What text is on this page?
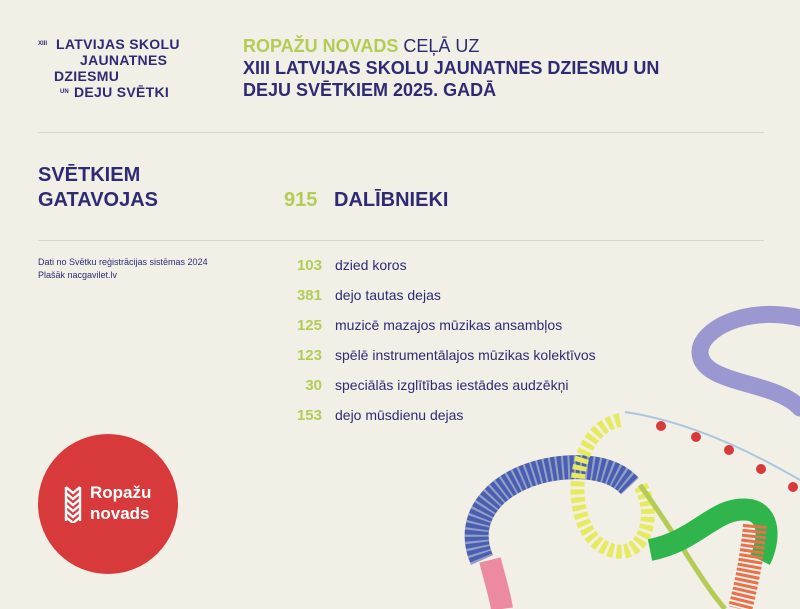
XIII LATVIJAS SKOLU
JAUNATNES
DZIESMU
UN DEJU SVĒTKI
ROPAŽU NOVADS CEĻĀ UZ
XIII LATVIJAS SKOLU JAUNATNES DZIESMU UN
DEJU SVĒTKIEM 2025. GADĀ
SVĒTKIEM
GATAVOJAS	915 DALĪBNIEKI
Dati no Svētku reģistrācijas sistēmas 2024
Plašāk nacgavilet.lv
103 dzied koros
381 dejo tautas dejas
125 muzicē mazajos mūzikas ansambļos
123 spēlē instrumentālajos mūzikas kolektīvos
30 speciālās izglītības iestādes audzēkņi
153 dejo mūsdienu dejas
Ropažu
novads
